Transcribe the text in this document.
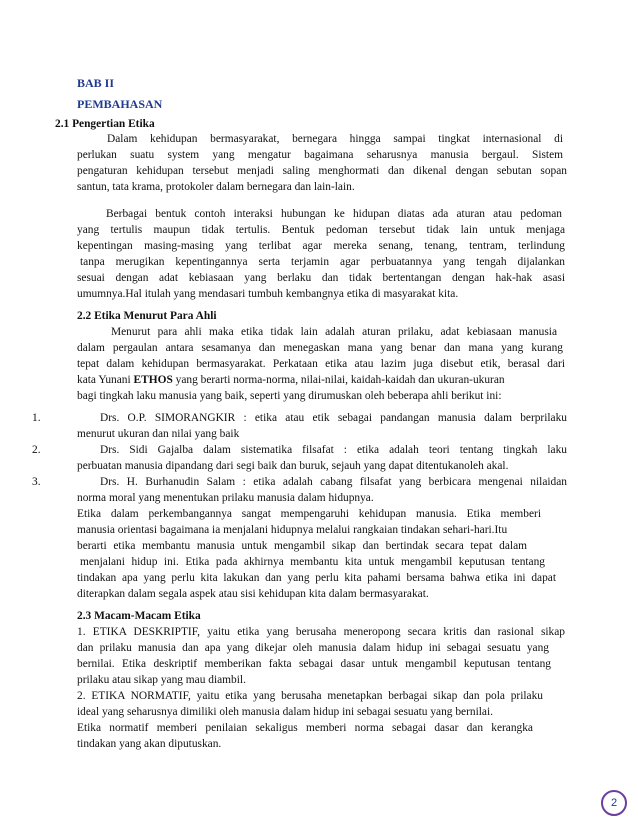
BAB II
PEMBAHASAN
2.1 Pengertian Etika
Dalam kehidupan bermasyarakat, bernegara hingga sampai tingkat internasional di
perlukan suatu system yang mengatur bagaimana seharusnya manusia bergaul. Sistem
pengaturan kehidupan tersebut menjadi saling menghormati dan dikenal dengan sebutan sopan
santun, tata krama, protokoler dalam bernegara dan lain-lain.
Berbagai bentuk contoh interaksi hubungan ke hidupan diatas ada aturan atau pedoman
yang tertulis maupun tidak tertulis. Bentuk pedoman tersebut tidak lain untuk menjaga
kepentingan masing-masing yang terlibat agar mereka senang, tenang, tentram, terlindung
tanpa merugikan kepentingannya serta terjamin agar perbuatannya yang tengah dijalankan
sesuai dengan adat kebiasaan yang berlaku dan tidak bertentangan dengan hak-hak asasi
umumnya.Hal itulah yang mendasari tumbuh kembangnya etika di masyarakat kita.
2.2 Etika Menurut Para Ahli
Menurut para ahli maka etika tidak lain adalah aturan prilaku, adat kebiasaan manusia
dalam pergaulan antara sesamanya dan menegaskan mana yang benar dan mana yang kurang
tepat dalam kehidupan bermasyarakat. Perkataan etika atau lazim juga disebut etik, berasal dari
kata Yunani ETHOS yang berarti norma-norma, nilai-nilai, kaidah-kaidah dan ukuran-ukuran
bagi tingkah laku manusia yang baik, seperti yang dirumuskan oleh beberapa ahli berikut ini:
1.	Drs. O.P. SIMORANGKIR : etika atau etik sebagai pandangan manusia dalam berprilaku
menurut ukuran dan nilai yang baik
2.	Drs. Sidi Gajalba dalam sistematika filsafat : etika adalah teori tentang tingkah laku
perbuatan manusia dipandang dari segi baik dan buruk, sejauh yang dapat ditentukanoleh akal.
3.	Drs. H. Burhanudin Salam : etika adalah cabang filsafat yang berbicara mengenai nilaidan
norma moral yang menentukan prilaku manusia dalam hidupnya.
Etika dalam perkembangannya sangat mempengaruhi kehidupan manusia. Etika memberi
manusia orientasi bagaimana ia menjalani hidupnya melalui rangkaian tindakan sehari-hari.Itu
berarti etika membantu manusia untuk mengambil sikap dan bertindak secara tepat dalam
menjalani hidup ini. Etika pada akhirnya membantu kita untuk mengambil keputusan tentang
tindakan apa yang perlu kita lakukan dan yang perlu kita pahami bersama bahwa etika ini dapat
diterapkan dalam segala aspek atau sisi kehidupan kita dalam bermasyarakat.
2.3 Macam-Macam Etika
1. ETIKA DESKRIPTIF, yaitu etika yang berusaha meneropong secara kritis dan rasional sikap
dan prilaku manusia dan apa yang dikejar oleh manusia dalam hidup ini sebagai sesuatu yang
bernilai. Etika deskriptif memberikan fakta sebagai dasar untuk mengambil keputusan tentang
prilaku atau sikap yang mau diambil.
2. ETIKA NORMATIF, yaitu etika yang berusaha menetapkan berbagai sikap dan pola prilaku
ideal yang seharusnya dimiliki oleh manusia dalam hidup ini sebagai sesuatu yang bernilai.
Etika normatif memberi penilaian sekaligus memberi norma sebagai dasar dan kerangka
tindakan yang akan diputuskan.
2
